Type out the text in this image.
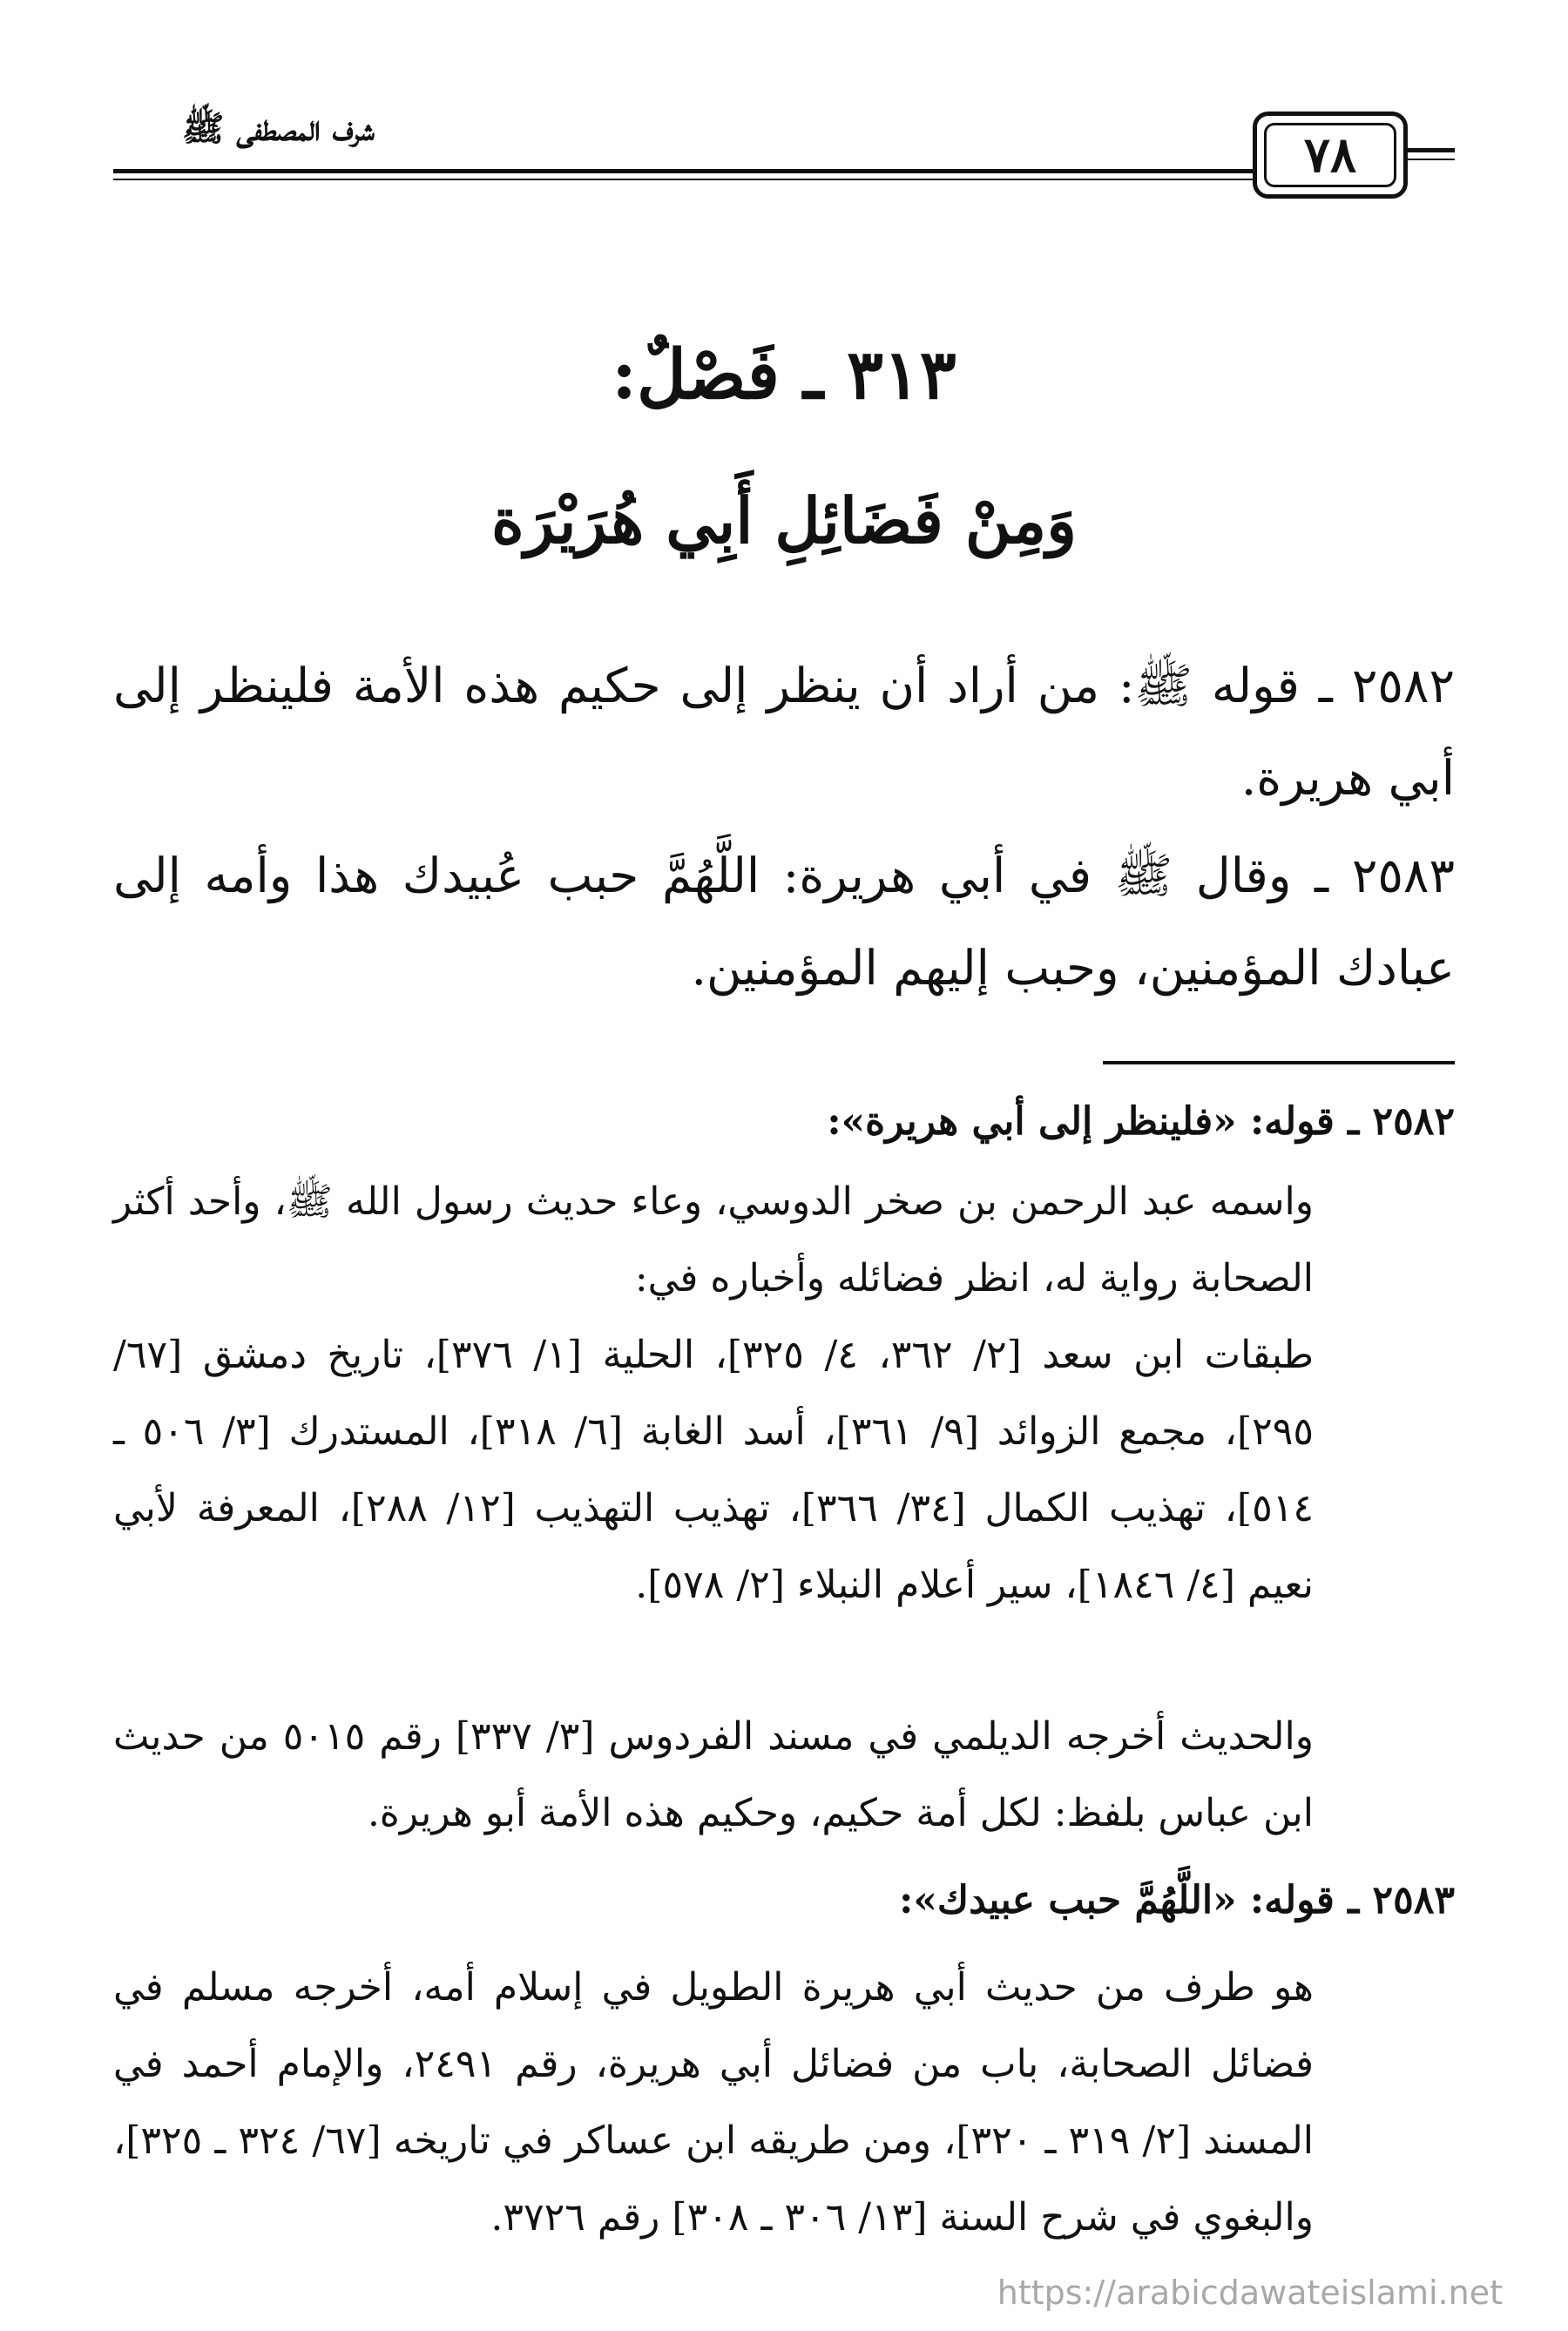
شرف المصطفى ﷺ	٧٨
٣١٣ ـ فَصْلٌ:
وَمِنْ فَضَائِلِ أَبِي هُرَيْرَة
٢٥٨٢ ـ قوله ﷺ: من أراد أن ينظر إلى حكيم هذه الأمة فلينظر إلى أبي هريرة.
٢٥٨٣ ـ وقال ﷺ في أبي هريرة: اللَّهُمَّ حبب عُبيدك هذا وأمه إلى عبادك المؤمنين، وحبب إليهم المؤمنين.
٢٥٨٢ ـ قوله: «فلينظر إلى أبي هريرة»:
واسمه عبد الرحمن بن صخر الدوسي، وعاء حديث رسول الله ﷺ، وأحد أكثر الصحابة رواية له، انظر فضائله وأخباره في:
طبقات ابن سعد [٢/ ٣٦٢، ٤/ ٣٢٥]، الحلية [١/ ٣٧٦]، تاريخ دمشق [٦٧/ ٢٩٥]، مجمع الزوائد [٩/ ٣٦١]، أسد الغابة [٦/ ٣١٨]، المستدرك [٣/ ٥٠٦ ـ ٥١٤]، تهذيب الكمال [٣٤/ ٣٦٦]، تهذيب التهذيب [١٢/ ٢٨٨]، المعرفة لأبي نعيم [٤/ ١٨٤٦]، سير أعلام النبلاء [٢/ ٥٧٨].
والحديث أخرجه الديلمي في مسند الفردوس [٣/ ٣٣٧] رقم ٥٠١٥ من حديث ابن عباس بلفظ: لكل أمة حكيم، وحكيم هذه الأمة أبو هريرة.
٢٥٨٣ ـ قوله: «اللَّهُمَّ حبب عبيدك»:
هو طرف من حديث أبي هريرة الطويل في إسلام أمه، أخرجه مسلم في فضائل الصحابة، باب من فضائل أبي هريرة، رقم ٢٤٩١، والإمام أحمد في المسند [٢/ ٣١٩ ـ ٣٢٠]، ومن طريقه ابن عساكر في تاريخه [٦٧/ ٣٢٤ ـ ٣٢٥]، والبغوي في شرح السنة [١٣/ ٣٠٦ ـ ٣٠٨] رقم ٣٧٢٦.
https://arabicdawateislami.net
